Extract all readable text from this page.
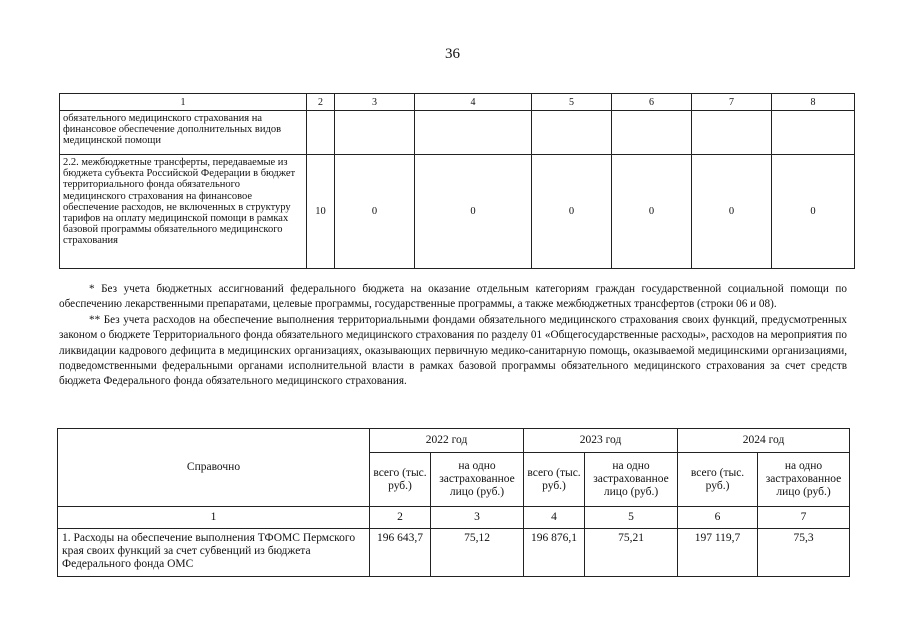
36
1	2	3	4	5	6	7	8
обязательного медицинского страхования на финансовое обеспечение дополнительных видов медицинской помощи							
2.2. межбюджетные трансферты, передаваемые из бюджета субъекта Российской Федерации в бюджет территориального фонда обязательного медицинского страхования на финансовое обеспечение расходов, не включенных в структуру тарифов на оплату медицинской помощи в рамках базовой программы обязательного медицинского страхования	10	0	0	0	0	0	0

* Без учета бюджетных ассигнований федерального бюджета на оказание отдельным категориям граждан государственной социальной помощи по обеспечению лекарственными препаратами, целевые программы, государственные программы, а также межбюджетных трансфертов (строки 06 и 08).

** Без учета расходов на обеспечение выполнения территориальными фондами обязательного медицинского страхования своих функций, предусмотренных законом о бюджете Территориального фонда обязательного медицинского страхования по разделу 01 «Общегосударственные расходы», расходов на мероприятия по ликвидации кадрового дефицита в медицинских организациях, оказывающих первичную медико-санитарную помощь, оказываемой медицинскими организациями, подведомственными федеральными органами исполнительной власти в рамках базовой программы обязательного медицинского страхования за счет средств бюджета Федерального фонда обязательного медицинского страхования.

Справочно	2022 год		2023 год		2024 год	
	всего (тыс. руб.)	на одно застрахованное лицо (руб.)	всего (тыс. руб.)	на одно застрахованное лицо (руб.)	всего (тыс. руб.)	на одно застрахованное лицо (руб.)
1	2	3	4	5	6	7
1. Расходы на обеспечение выполнения ТФОМС Пермского края своих функций за счет субвенций из бюджета Федерального фонда ОМС	196 643,7	75,12	196 876,1	75,21	197 119,7	75,3
